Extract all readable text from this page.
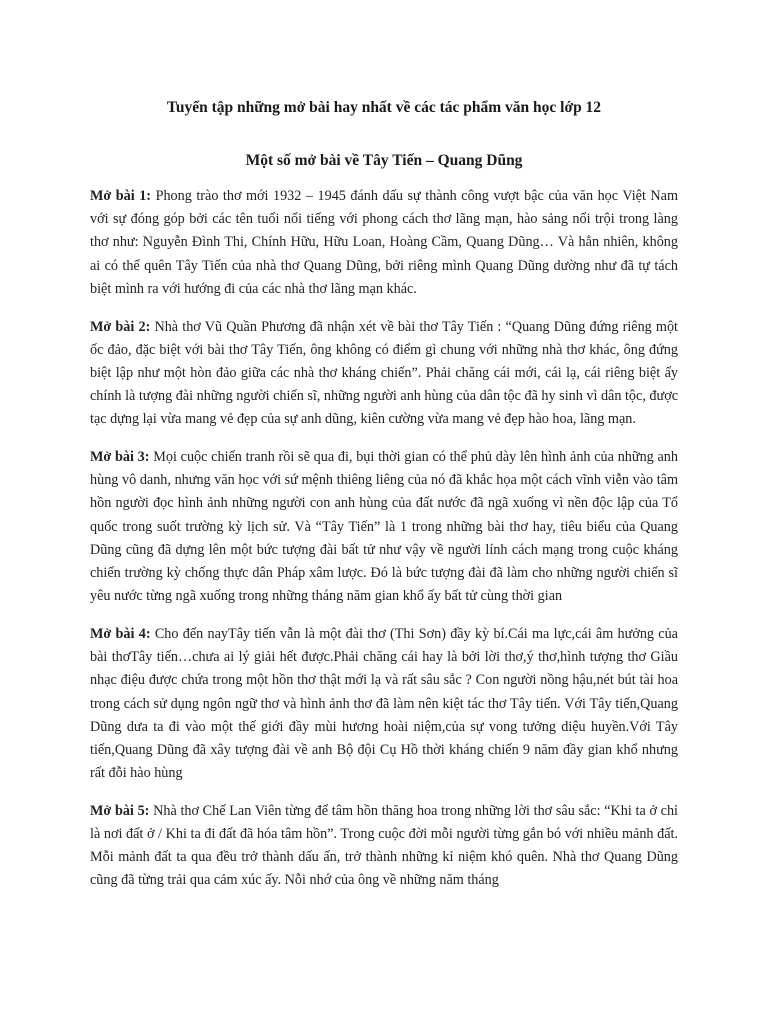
Tuyển tập những mở bài hay nhất về các tác phẩm văn học lớp 12
Một số mở bài về Tây Tiến – Quang Dũng

Mở bài 1: Phong trào thơ mới 1932 – 1945 đánh dấu sự thành công vượt bậc của văn học Việt Nam với sự đóng góp bởi các tên tuổi nổi tiếng với phong cách thơ lãng mạn, hào sảng nổi trội trong làng thơ như: Nguyễn Đình Thi, Chính Hữu, Hữu Loan, Hoàng Cầm, Quang Dũng… Và hẳn nhiên, không ai có thể quên Tây Tiến của nhà thơ Quang Dũng, bởi riêng mình Quang Dũng dường như đã tự tách biệt mình ra với hướng đi của các nhà thơ lãng mạn khác.

Mở bài 2: Nhà thơ Vũ Quần Phương đã nhận xét về bài thơ Tây Tiến : “Quang Dũng đứng riêng một ốc đảo, đặc biệt với bài thơ Tây Tiến, ông không có điểm gì chung với những nhà thơ khác, ông đứng biệt lập như một hòn đảo giữa các nhà thơ kháng chiến”. Phải chăng cái mới, cái lạ, cái riêng biệt ấy chính là tượng đài những người chiến sĩ, những người anh hùng của dân tộc đã hy sinh vì dân tộc, được tạc dựng lại vừa mang vẻ đẹp của sự anh dũng, kiên cường vừa mang vẻ đẹp hào hoa, lãng mạn.

Mở bài 3: Mọi cuộc chiến tranh rồi sẽ qua đi, bụi thời gian có thể phủ dày lên hình ảnh của những anh hùng vô danh, nhưng văn học với sứ mệnh thiêng liêng của nó đã khắc họa một cách vĩnh viễn vào tâm hồn người đọc hình ảnh những người con anh hùng của đất nước đã ngã xuống vì nền độc lập của Tổ quốc trong suốt trường kỳ lịch sử. Và “Tây Tiến” là 1 trong những bài thơ hay, tiêu biểu của Quang Dũng cũng đã dựng lên một bức tượng đài bất tử như vậy về người lính cách mạng trong cuộc kháng chiến trường kỳ chống thực dân Pháp xâm lược. Đó là bức tượng đài đã làm cho những người chiến sĩ yêu nước từng ngã xuống trong những tháng năm gian khổ ấy bất tử cùng thời gian

Mở bài 4: Cho đến nayTây tiến vẫn là một đài thơ (Thi Sơn) đầy kỳ bí.Cái ma lực,cái âm hưởng của bài thơTây tiến…chưa ai lý giải hết được.Phải chăng cái hay là bởi lời thơ,ý thơ,hình tượng thơ Giầu nhạc điệu được chứa trong một hồn thơ thật mới lạ và rất sâu sắc ? Con người nồng hậu,nét bút tài hoa trong cách sử dụng ngôn ngữ thơ và hình ảnh thơ đã làm nên kiệt tác thơ Tây tiến. Với Tây tiến,Quang Dũng dưa ta đi vào một thế giới đầy mùi hương hoài niệm,của sự vong tưởng diệu huyền.Với Tây tiến,Quang Dũng đã xây tượng đài về anh Bộ đội Cụ Hồ thời kháng chiến 9 năm đầy gian khổ nhưng rất đỗi hào hùng

Mở bài 5: Nhà thơ Chế Lan Viên từng để tâm hồn thăng hoa trong những lời thơ sâu sắc: “Khi ta ở chỉ là nơi đất ở / Khi ta đi đất đã hóa tâm hồn”. Trong cuộc đời mỗi người từng gắn bó với nhiều mảnh đất. Mỗi mảnh đất ta qua đều trở thành dấu ấn, trở thành những kỉ niệm khó quên. Nhà thơ Quang Dũng cũng đã từng trải qua cảm xúc ấy. Nỗi nhớ của ông về những năm tháng
